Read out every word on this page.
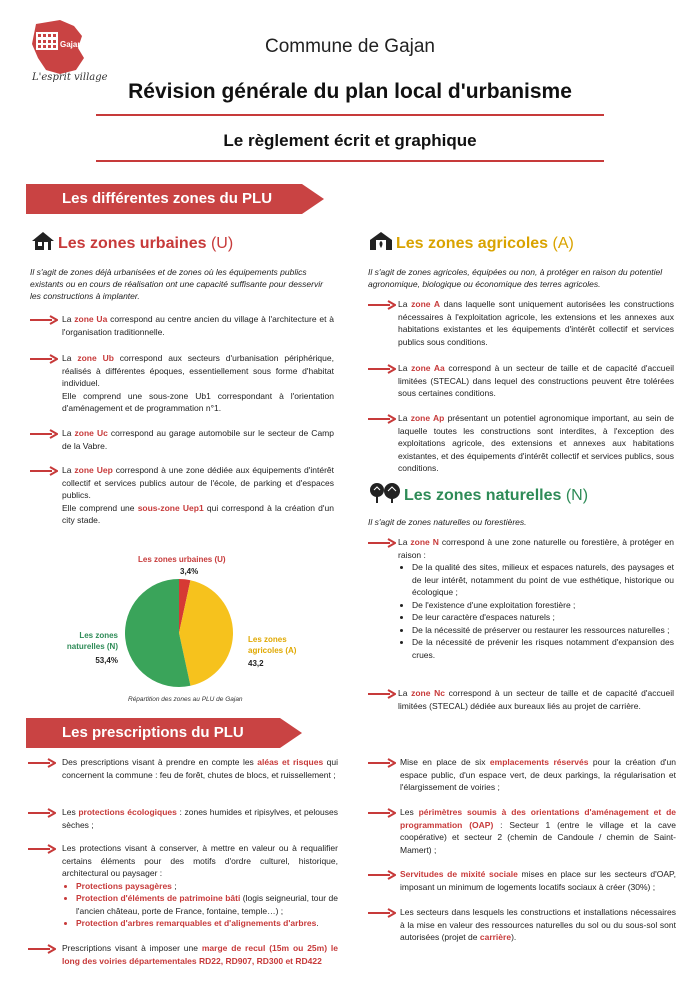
Gajan
L'esprit village
Commune de Gajan
Révision générale du plan local d'urbanisme
Le règlement écrit et graphique
Les différentes zones du PLU
Les zones urbaines (U)
Il s'agit de zones déjà urbanisées et de zones où les équipements publics existants ou en cours de réalisation ont une capacité suffisante pour desservir les constructions à implanter.
La zone Ua correspond au centre ancien du village à l'architecture et à l'organisation traditionnelle.
La zone Ub correspond aux secteurs d'urbanisation périphérique, réalisés à différentes époques, essentiellement sous forme d'habitat individuel.
Elle comprend une sous-zone Ub1 correspondant à l'orientation d'aménagement et de programmation n°1.
La zone Uc correspond au garage automobile sur le secteur de Camp de la Vabre.
La zone Uep correspond à une zone dédiée aux équipements d'intérêt collectif et services publics autour de l'école, de parking et d'espaces publics.
Elle comprend une sous-zone Uep1 qui correspond à la création d'un city stade.
Les zones urbaines (U)
3,4%
Les zones
agricoles (A)
43,2
Les zones
naturelles (N)
53,4%
Répartition des zones au PLU de Gajan
Les zones agricoles (A)
Il s'agit de zones agricoles, équipées ou non, à protéger en raison du potentiel agronomique, biologique ou économique des terres agricoles.
La zone A dans laquelle sont uniquement autorisées les constructions nécessaires à l'exploitation agricole, les extensions et les annexes aux habitations existantes et les équipements d'intérêt collectif et services publics sous conditions.
La zone Aa correspond à un secteur de taille et de capacité d'accueil limitées (STECAL) dans lequel des constructions peuvent être tolérées sous certaines conditions.
La zone Ap présentant un potentiel agronomique important, au sein de laquelle toutes les constructions sont interdites, à l'exception des exploitations agricole, des extensions et annexes aux habitations existantes, et des équipements d'intérêt collectif et services publics, sous conditions.
Les zones naturelles (N)
Il s'agit de zones naturelles ou forestières.
La zone N correspond à une zone naturelle ou forestière, à protéger en raison :
• De la qualité des sites, milieux et espaces naturels, des paysages et de leur intérêt, notamment du point de vue esthétique, historique ou écologique ;
• De l'existence d'une exploitation forestière ;
• De leur caractère d'espaces naturels ;
• De la nécessité de préserver ou restaurer les ressources naturelles ;
• De la nécessité de prévenir les risques notamment d'expansion des crues.
La zone Nc correspond à un secteur de taille et de capacité d'accueil limitées (STECAL) dédiée aux bureaux liés au projet de carrière.
Les prescriptions du PLU
Des prescriptions visant à prendre en compte les aléas et risques qui concernent la commune : feu de forêt, chutes de blocs, et ruissellement ;
Les protections écologiques : zones humides et ripisylves, et pelouses sèches ;
Les protections visant à conserver, à mettre en valeur ou à requalifier certains éléments pour des motifs d'ordre culturel, historique, architectural ou paysager :
• Protections paysagères ;
• Protection d'éléments de patrimoine bâti (logis seigneurial, tour de l'ancien château, porte de France, fontaine, temple…) ;
• Protection d'arbres remarquables et d'alignements d'arbres.
Prescriptions visant à imposer une marge de recul (15m ou 25m) le long des voiries départementales RD22, RD907, RD300 et RD422
Mise en place de six emplacements réservés pour la création d'un espace public, d'un espace vert, de deux parkings, la régularisation et l'élargissement de voiries ;
Les périmètres soumis à des orientations d'aménagement et de programmation (OAP) : Secteur 1 (entre le village et la cave coopérative) et secteur 2 (chemin de Candoule / chemin de Saint-Mamert) ;
Servitudes de mixité sociale mises en place sur les secteurs d'OAP, imposant un minimum de logements locatifs sociaux à créer (30%) ;
Les secteurs dans lesquels les constructions et installations nécessaires à la mise en valeur des ressources naturelles du sol ou du sous-sol sont autorisées (projet de carrière).
